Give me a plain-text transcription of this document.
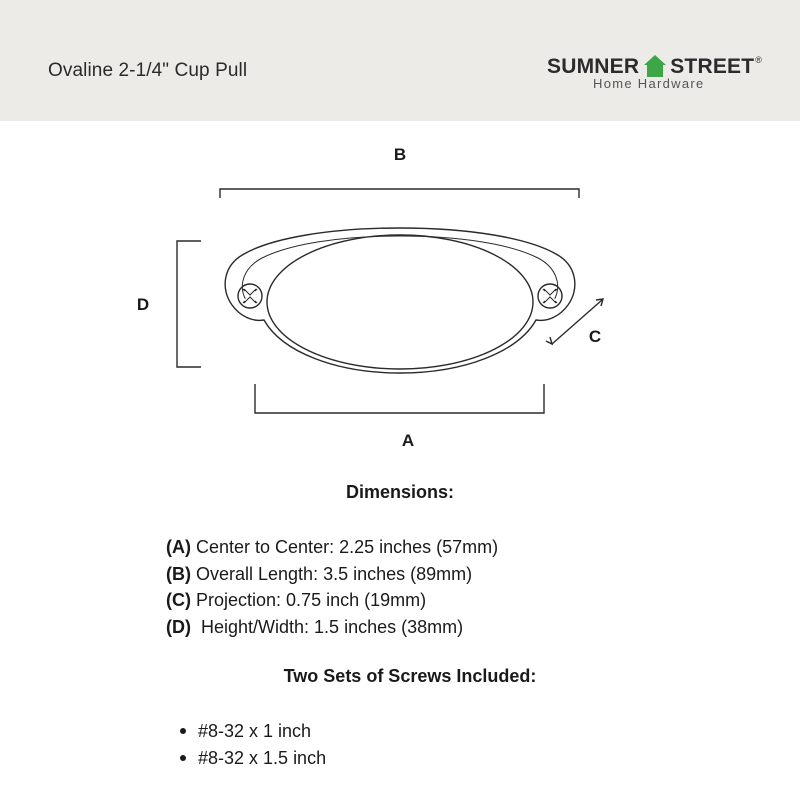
Ovaline 2-1/4" Cup Pull	SUMNER STREET ®
Home Hardware
B
D
C
A
Dimensions:
(A) Center to Center: 2.25 inches (57mm)
(B) Overall Length: 3.5 inches (89mm)
(C) Projection: 0.75 inch (19mm)
(D)  Height/Width: 1.5 inches (38mm)
Two Sets of Screws Included:
#8-32 x 1 inch
#8-32 x 1.5 inch
